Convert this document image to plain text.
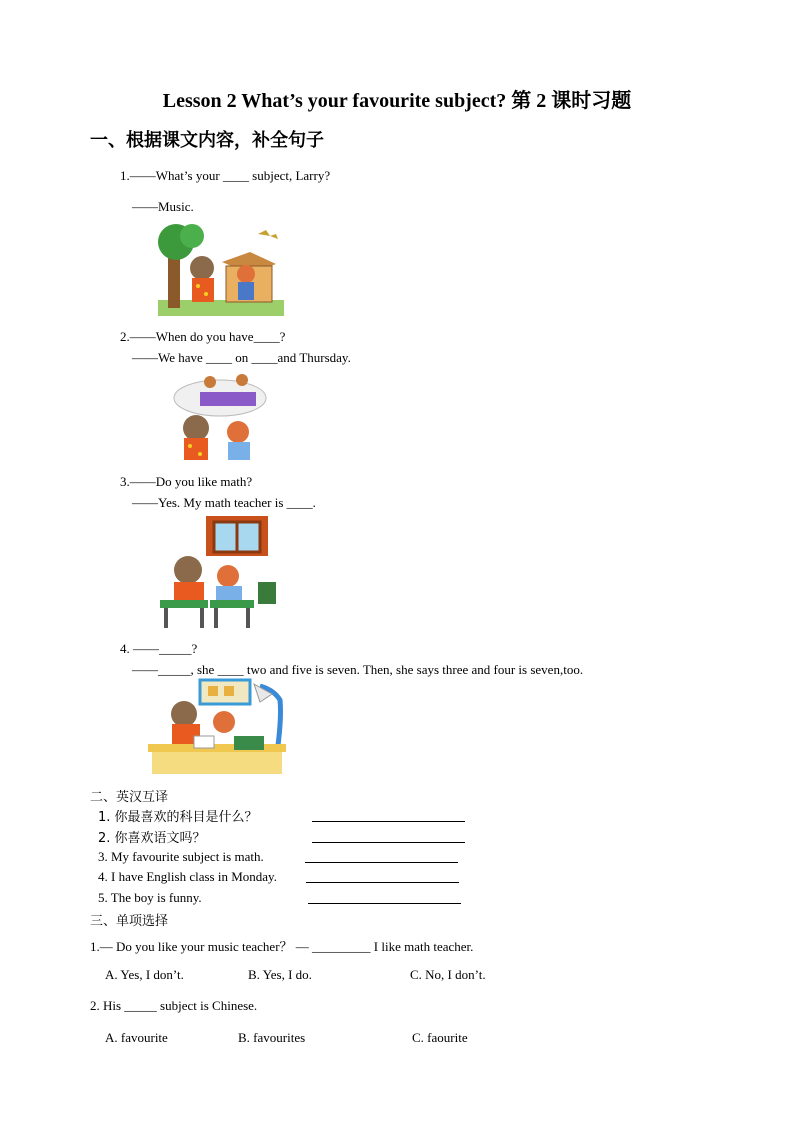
Lesson 2 What’s your favourite subject? 第 2 课时习题
一、根据课文内容，补全句子
1.——What’s your ____ subject, Larry?
——Music.
2.——When do you have____?
——We have ____ on ____and Thursday.
3.——Do you like math?
——Yes. My math teacher is ____.
4. ——_____?
——_____, she ____ two and five is seven. Then, she says three and four is seven,too.
二、英汉互译
1. 你最喜欢的科目是什么？
2. 你喜欢语文吗？
3. My favourite subject is math.
4. I have English class in Monday.
5. The boy is funny.
三、单项选择
1.— Do you like your music teacher？ — _________ I like math teacher.
A. Yes, I don’t.	B. Yes, I do.	C. No, I don’t.
2. His _____ subject is Chinese.
A. favourite	B. favourites	C. faourite
